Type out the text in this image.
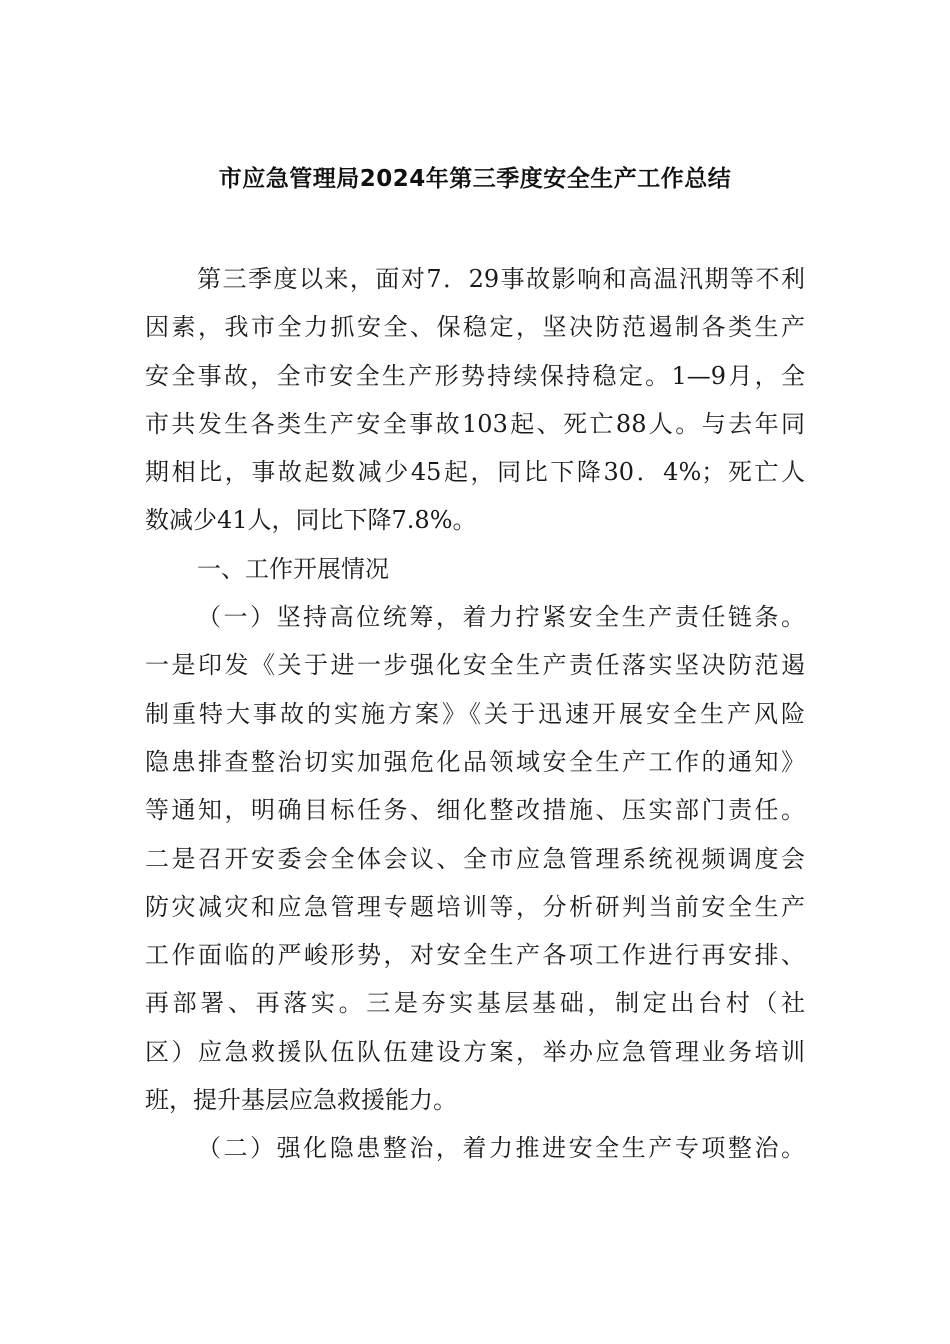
市应急管理局2024年第三季度安全生产工作总结
第三季度以来，面对7．29事故影响和高温汛期等不利
因素，我市全力抓安全、保稳定，坚决防范遏制各类生产
安全事故，全市安全生产形势持续保持稳定。1—9月，全
市共发生各类生产安全事故103起、死亡88人。与去年同
期相比，事故起数减少45起，同比下降30．4%；死亡人
数减少41人，同比下降7.8%。
一、工作开展情况
（一）坚持高位统筹，着力拧紧安全生产责任链条。
一是印发《关于进一步强化安全生产责任落实坚决防范遏
制重特大事故的实施方案》《关于迅速开展安全生产风险
隐患排查整治切实加强危化品领域安全生产工作的通知》
等通知，明确目标任务、细化整改措施、压实部门责任。
二是召开安委会全体会议、全市应急管理系统视频调度会
防灾减灾和应急管理专题培训等，分析研判当前安全生产
工作面临的严峻形势，对安全生产各项工作进行再安排、
再部署、再落实。三是夯实基层基础，制定出台村（社
区）应急救援队伍队伍建设方案，举办应急管理业务培训
班，提升基层应急救援能力。
（二）强化隐患整治，着力推进安全生产专项整治。
